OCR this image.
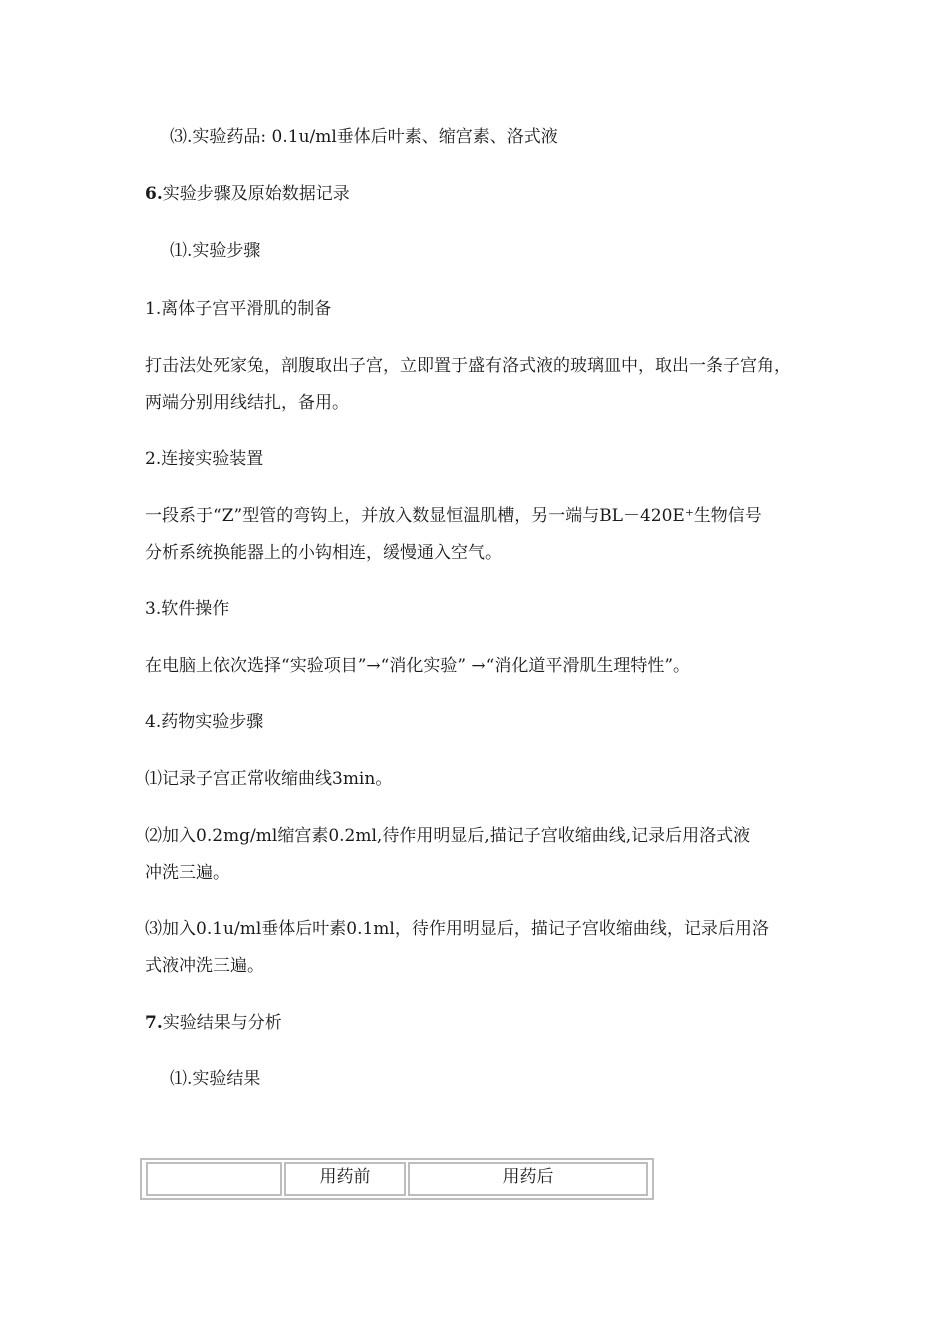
⑶.实验药品: 0.1u/ml垂体后叶素、缩宫素、洛式液
6.实验步骤及原始数据记录
⑴.实验步骤
1.离体子宫平滑肌的制备
打击法处死家兔，剖腹取出子宫，立即置于盛有洛式液的玻璃皿中，取出一条子宫角，
两端分别用线结扎，备用。
2.连接实验装置
一段系于“Z”型管的弯钩上，并放入数显恒温肌槽，另一端与BL－420E⁺生物信号
分析系统换能器上的小钩相连，缓慢通入空气。
3.软件操作
在电脑上依次选择“实验项目”→“消化实验” →“消化道平滑肌生理特性”。
4.药物实验步骤
⑴记录子宫正常收缩曲线3min。
⑵加入0.2mg/ml缩宫素0.2ml,待作用明显后,描记子宫收缩曲线,记录后用洛式液
冲洗三遍。
⑶加入0.1u/ml垂体后叶素0.1ml，待作用明显后，描记子宫收缩曲线，记录后用洛
式液冲洗三遍。
7.实验结果与分析
⑴.实验结果
	用药前	用药后
